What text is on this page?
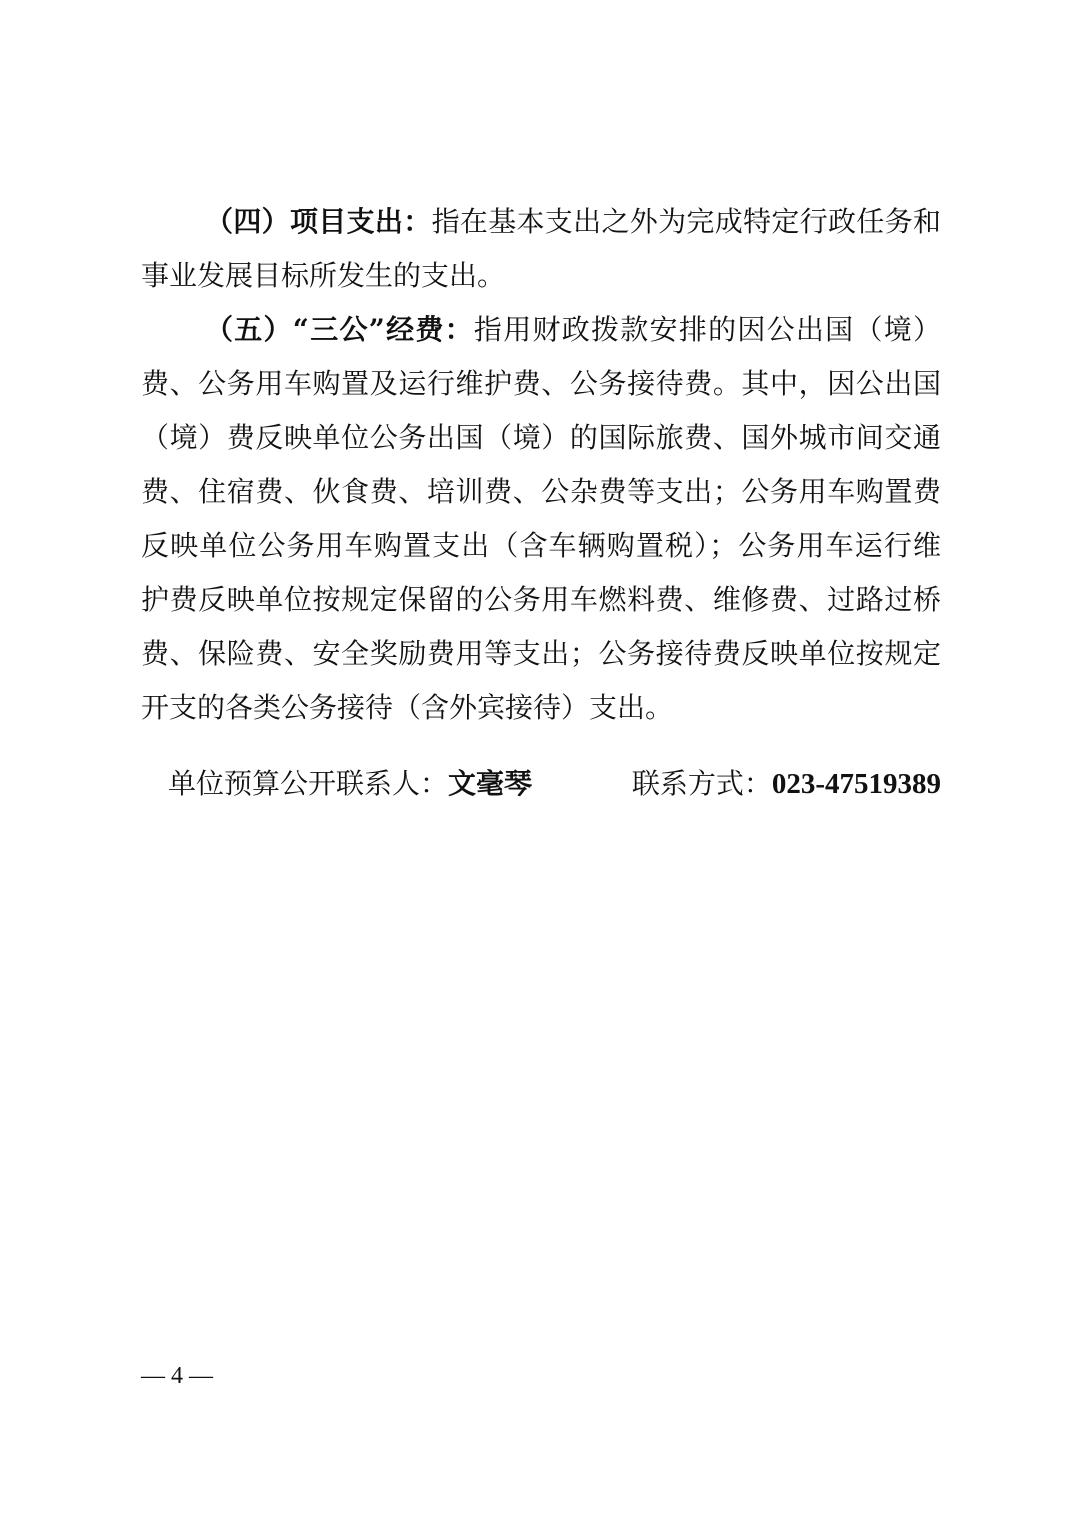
（四）项目支出：指在基本支出之外为完成特定行政任务和
事业发展目标所发生的支出。
（五）“三公”经费：指用财政拨款安排的因公出国（境）
费、公务用车购置及运行维护费、公务接待费。其中，因公出国
（境）费反映单位公务出国（境）的国际旅费、国外城市间交通
费、住宿费、伙食费、培训费、公杂费等支出；公务用车购置费
反映单位公务用车购置支出（含车辆购置税）；公务用车运行维
护费反映单位按规定保留的公务用车燃料费、维修费、过路过桥
费、保险费、安全奖励费用等支出；公务接待费反映单位按规定
开支的各类公务接待（含外宾接待）支出。
单位预算公开联系人：文毫琴	联系方式：023-47519389
— 4 —
